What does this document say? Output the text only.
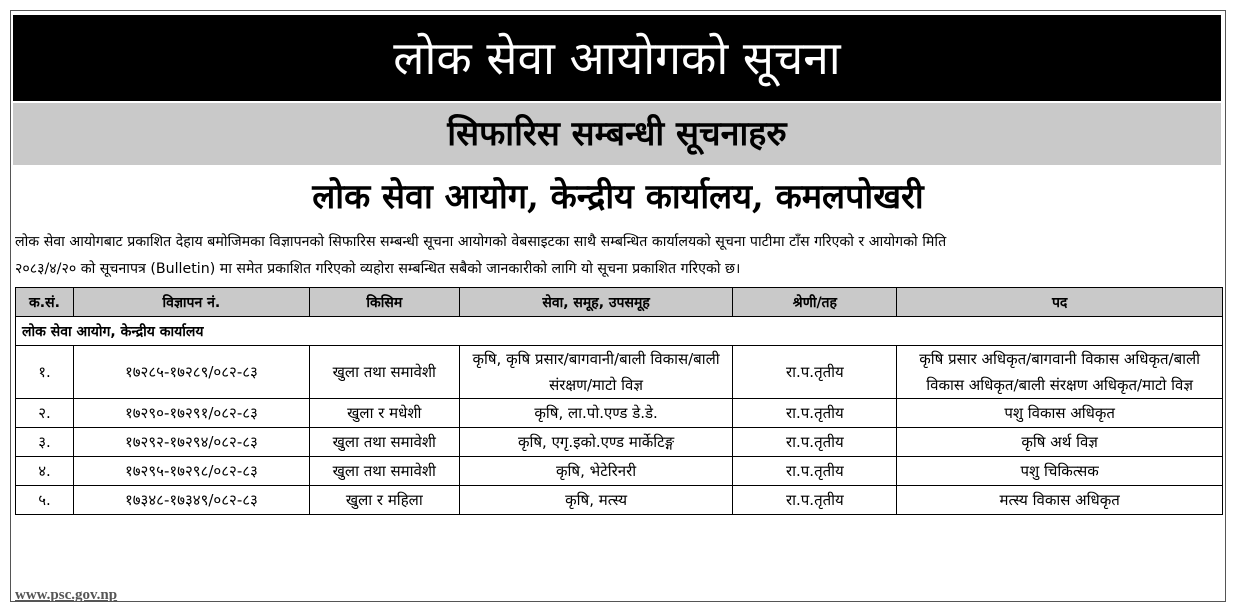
लोक सेवा आयोगको सूचना
सिफारिस सम्बन्धी सूचनाहरु
लोक सेवा आयोग, केन्द्रीय कार्यालय, कमलपोखरी
लोक सेवा आयोगबाट प्रकाशित देहाय बमोजिमका विज्ञापनको सिफारिस सम्बन्धी सूचना आयोगको वेबसाइटका साथै सम्बन्धित कार्यालयको सूचना पाटीमा टाँस गरिएको र आयोगको मिति
२०८३/४/२० को सूचनापत्र (Bulletin) मा समेत प्रकाशित गरिएको व्यहोरा सम्बन्धित सबैको जानकारीको लागि यो सूचना प्रकाशित गरिएको छ।
क.सं.	विज्ञापन नं.	किसिम	सेवा, समूह, उपसमूह	श्रेणी/तह	पद
लोक सेवा आयोग, केन्द्रीय कार्यालय					
१.	१७२८५-१७२८९/०८२-८३	खुला तथा समावेशी	कृषि, कृषि प्रसार/बागवानी/बाली विकास/बाली संरक्षण/माटो विज्ञ	रा.प.तृतीय	कृषि प्रसार अधिकृत/बागवानी विकास अधिकृत/बाली विकास अधिकृत/बाली संरक्षण अधिकृत/माटो विज्ञ
२.	१७२९०-१७२९१/०८२-८३	खुला र मधेशी	कृषि, ला.पो.एण्ड डे.डे.	रा.प.तृतीय	पशु विकास अधिकृत
३.	१७२९२-१७२९४/०८२-८३	खुला तथा समावेशी	कृषि, एगृ.इको.एण्ड मार्केटिङ्ग	रा.प.तृतीय	कृषि अर्थ विज्ञ
४.	१७२९५-१७२९८/०८२-८३	खुला तथा समावेशी	कृषि, भेटेरिनरी	रा.प.तृतीय	पशु चिकित्सक
५.	१७३४८-१७३४९/०८२-८३	खुला र महिला	कृषि, मत्स्य	रा.प.तृतीय	मत्स्य विकास अधिकृत
www.psc.gov.np
